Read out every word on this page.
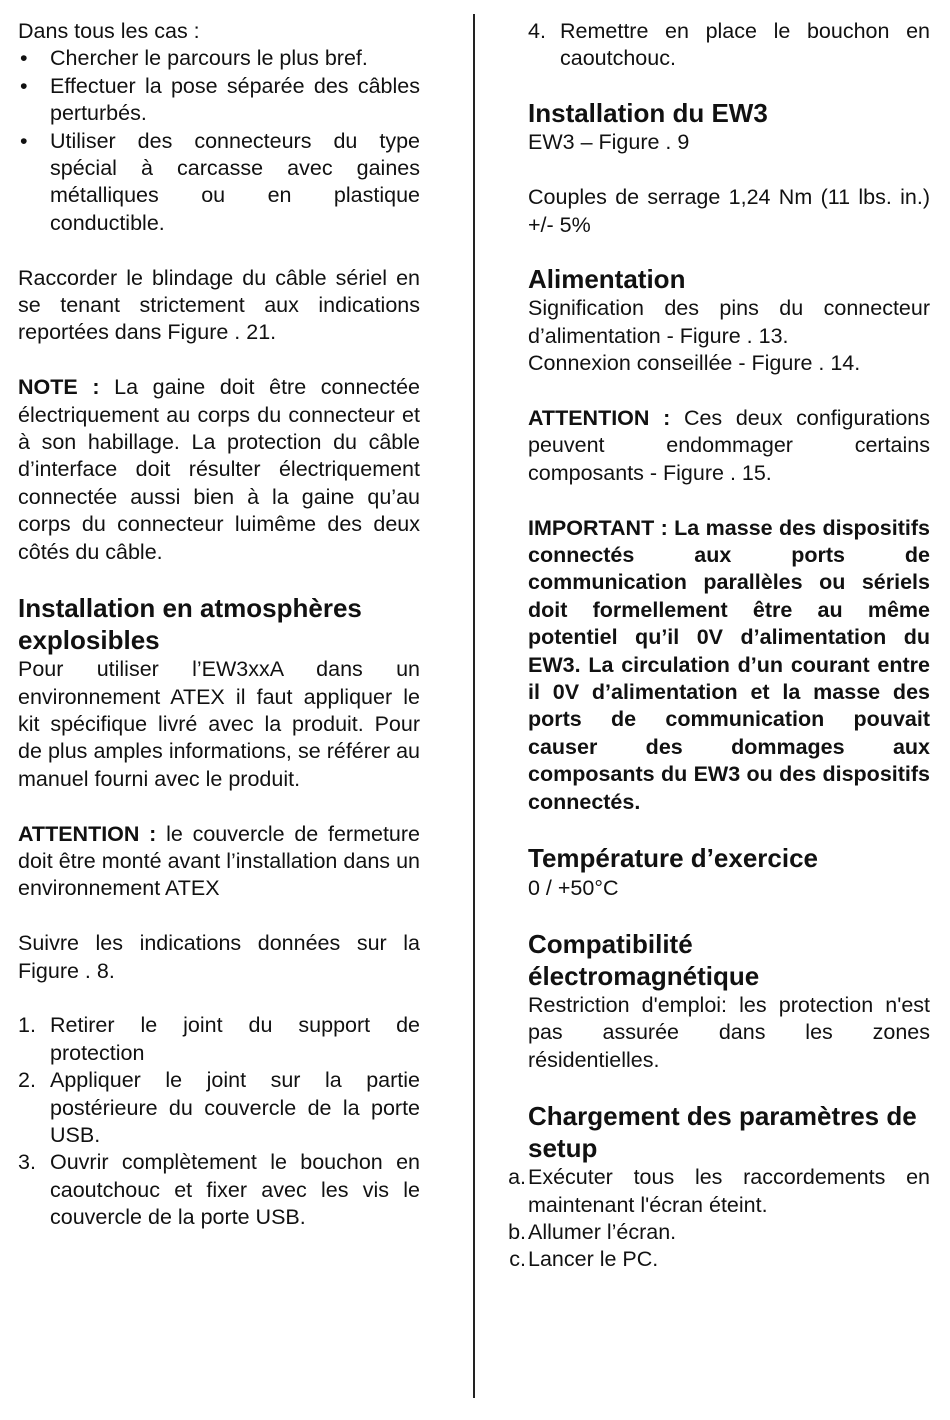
Dans tous les cas :

•	Chercher le parcours le plus bref.
•	Effectuer la pose séparée des câbles perturbés.
•	Utiliser des connecteurs du type spécial à carcasse avec gaines métalliques ou en plastique conductible.

Raccorder le blindage du câble sériel en se tenant strictement aux indications reportées dans Figure . 21.

NOTE : La gaine doit être connectée électriquement au corps du connecteur et à son habillage. La protection du câble d’interface doit résulter électriquement connectée aussi bien à la gaine qu’au corps du connecteur luimême des deux côtés du câble.

Installation en atmosphères explosibles

Pour utiliser l’EW3xxA dans un environnement ATEX il faut appliquer le kit spécifique livré avec la produit. Pour de plus amples informations, se référer au manuel fourni avec le produit.

ATTENTION : le couvercle de fermeture doit être monté avant l’installation dans un environnement ATEX

Suivre les indications données sur la Figure . 8.

1. Retirer le joint du support de protection
2. Appliquer le joint sur la partie postérieure du couvercle de la porte USB.
3. Ouvrir complètement le bouchon en caoutchouc et fixer avec les vis le couvercle de la porte USB.
4. Remettre en place le bouchon en caoutchouc.
Installation du EW3

EW3 – Figure . 9

Couples de serrage 1,24 Nm (11 lbs. in.) +/- 5%

Alimentation

Signification des pins du connecteur d’alimentation - Figure . 13.

Connexion conseillée - Figure . 14.

ATTENTION : Ces deux configurations peuvent endommager certains composants - Figure . 15.

IMPORTANT : La masse des dispositifs connectés aux ports de communication parallèles ou sériels doit formellement être au même potentiel qu’il 0V d’alimentation du EW3. La circulation d’un courant entre il 0V d’alimentation et la masse des ports de communication pouvait causer des dommages aux composants du EW3 ou des dispositifs connectés.

Température d’exercice

0 / +50°C

Compatibilité électromagnétique

Restriction d'emploi: les protection n'est pas assurée dans les zones résidentielles.

Chargement des paramètres de setup
a. Exécuter tous les raccordements en maintenant l'écran éteint.
b. Allumer l’écran.
c. Lancer le PC.
